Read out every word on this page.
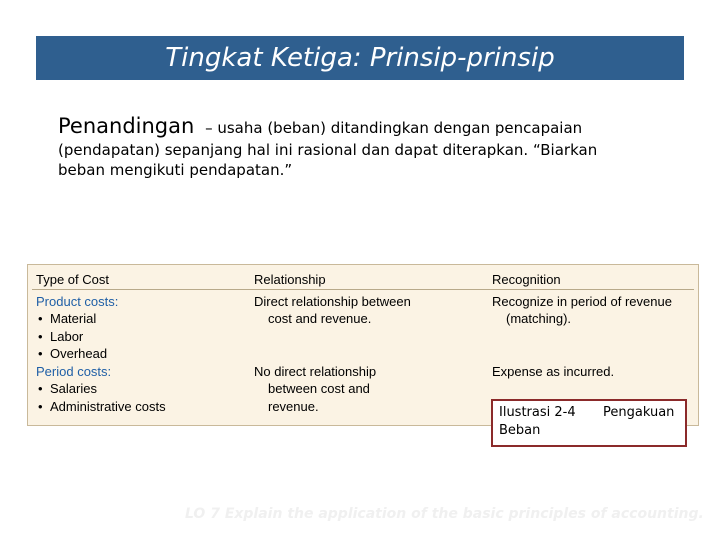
Tingkat Ketiga: Prinsip-prinsip
Penandingan – usaha (beban) ditandingkan dengan pencapaian
(pendapatan) sepanjang hal ini rasional dan dapat diterapkan. “Biarkan
beban mengikuti pendapatan.”
Type of Cost
Product costs:
• Material
• Labor
• Overhead
Period costs:
• Salaries
• Administrative costs
Relationship
Direct relationship between
cost and revenue.

No direct relationship
between cost and
revenue.
Recognition
Recognize in period of revenue
(matching).

Expense as incurred.
Ilustrasi 2-4 Beban
Pengakuan
LO 7 Explain the application of the basic principles of accounting.
